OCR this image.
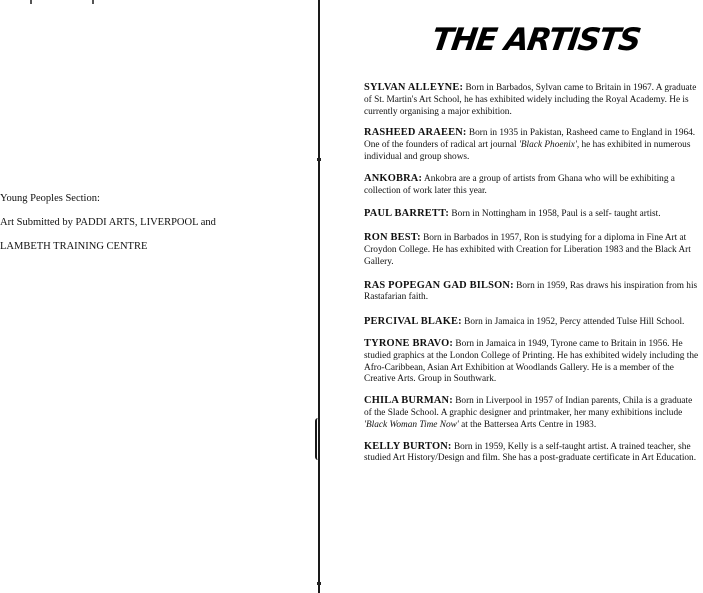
Young Peoples Section:
Art Submitted by PADDI ARTS, LIVERPOOL and
LAMBETH TRAINING CENTRE
THE ARTISTS

SYLVAN ALLEYNE: Born in Barbados, Sylvan came to Britain in 1967. A graduate of St. Martin's Art School, he has exhibited widely including the Royal Academy. He is currently organising a major exhibition.

RASHEED ARAEEN: Born in 1935 in Pakistan, Rasheed came to England in 1964. One of the founders of radical art journal 'Black Phoenix', he has exhibited in numerous individual and group shows.

ANKOBRA: Ankobra are a group of artists from Ghana who will be exhibiting a collection of work later this year.

PAUL BARRETT: Born in Nottingham in 1958, Paul is a self- taught artist.

RON BEST: Born in Barbados in 1957, Ron is studying for a diploma in Fine Art at Croydon College. He has exhibited with Creation for Liberation 1983 and the Black Art Gallery.

RAS POPEGAN GAD BILSON: Born in 1959, Ras draws his inspiration from his Rastafarian faith.

PERCIVAL BLAKE: Born in Jamaica in 1952, Percy attended Tulse Hill School.

TYRONE BRAVO: Born in Jamaica in 1949, Tyrone came to Britain in 1956. He studied graphics at the London College of Printing. He has exhibited widely including the Afro-Caribbean, Asian Art Exhibition at Woodlands Gallery. He is a member of the Creative Arts. Group in Southwark.

CHILA BURMAN: Born in Liverpool in 1957 of Indian parents, Chila is a graduate of the Slade School. A graphic designer and printmaker, her many exhibitions include 'Black Woman Time Now' at the Battersea Arts Centre in 1983.

KELLY BURTON: Born in 1959, Kelly is a self-taught artist. A trained teacher, she studied Art History/Design and film. She has a post-graduate certificate in Art Education.
